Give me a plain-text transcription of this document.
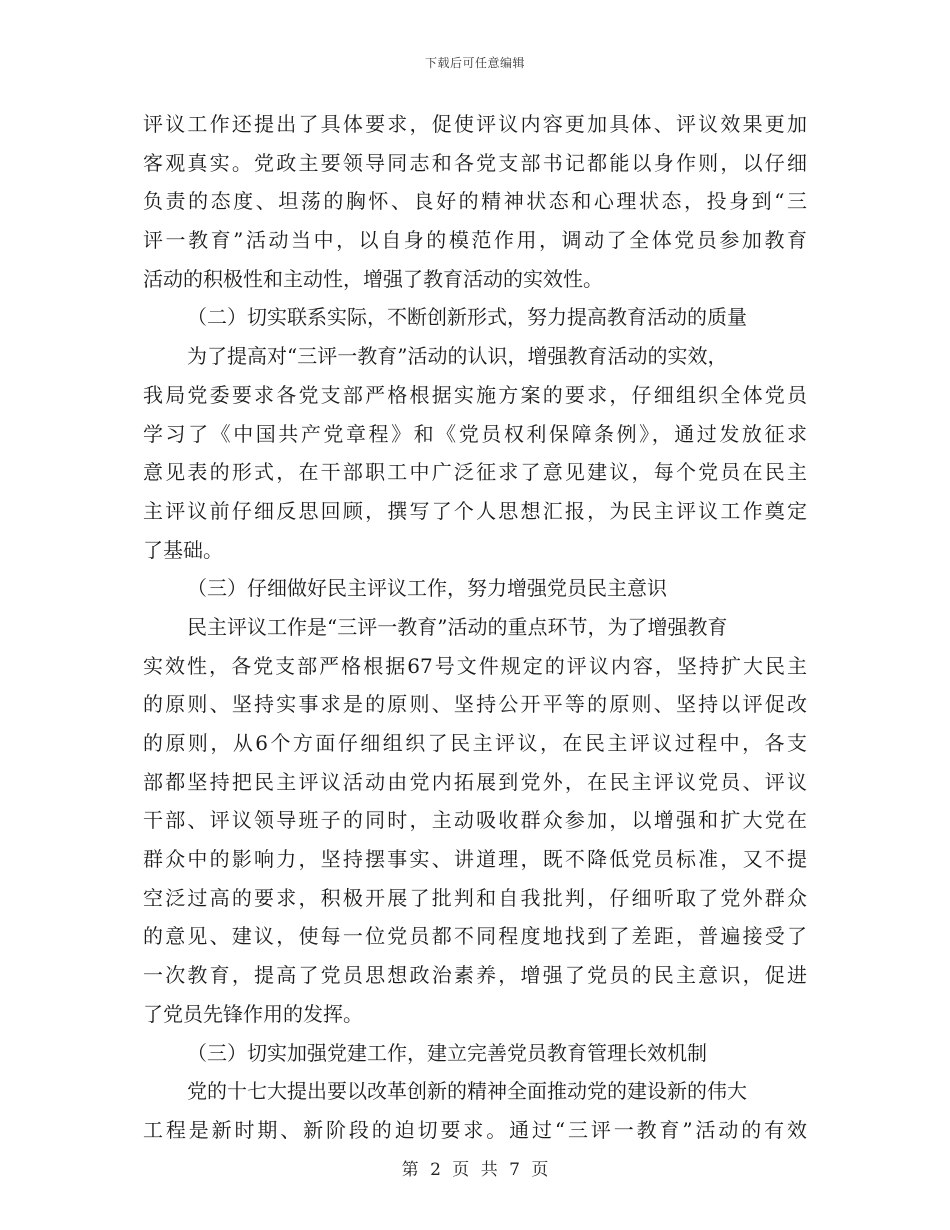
下载后可任意编辑
评议工作还提出了具体要求，促使评议内容更加具体、评议效果更加
客观真实。党政主要领导同志和各党支部书记都能以身作则，以仔细
负责的态度、坦荡的胸怀、良好的精神状态和心理状态，投身到“三
评一教育”活动当中，以自身的模范作用，调动了全体党员参加教育
活动的积极性和主动性，增强了教育活动的实效性。
（二）切实联系实际，不断创新形式，努力提高教育活动的质量
为了提高对“三评一教育”活动的认识，增强教育活动的实效，
我局党委要求各党支部严格根据实施方案的要求，仔细组织全体党员
学习了《中国共产党章程》和《党员权利保障条例》，通过发放征求
意见表的形式，在干部职工中广泛征求了意见建议，每个党员在民主
主评议前仔细反思回顾，撰写了个人思想汇报，为民主评议工作奠定
了基础。
（三）仔细做好民主评议工作，努力增强党员民主意识
民主评议工作是“三评一教育”活动的重点环节，为了增强教育
实效性，各党支部严格根据67号文件规定的评议内容，坚持扩大民主
的原则、坚持实事求是的原则、坚持公开平等的原则、坚持以评促改
的原则，从6个方面仔细组织了民主评议，在民主评议过程中，各支
部都坚持把民主评议活动由党内拓展到党外，在民主评议党员、评议
干部、评议领导班子的同时，主动吸收群众参加，以增强和扩大党在
群众中的影响力，坚持摆事实、讲道理，既不降低党员标准，又不提
空泛过高的要求，积极开展了批判和自我批判，仔细听取了党外群众
的意见、建议，使每一位党员都不同程度地找到了差距，普遍接受了
一次教育，提高了党员思想政治素养，增强了党员的民主意识，促进
了党员先锋作用的发挥。
（三）切实加强党建工作，建立完善党员教育管理长效机制
党的十七大提出要以改革创新的精神全面推动党的建设新的伟大
工程是新时期、新阶段的迫切要求。通过“三评一教育”活动的有效
第 2 页 共 7 页
